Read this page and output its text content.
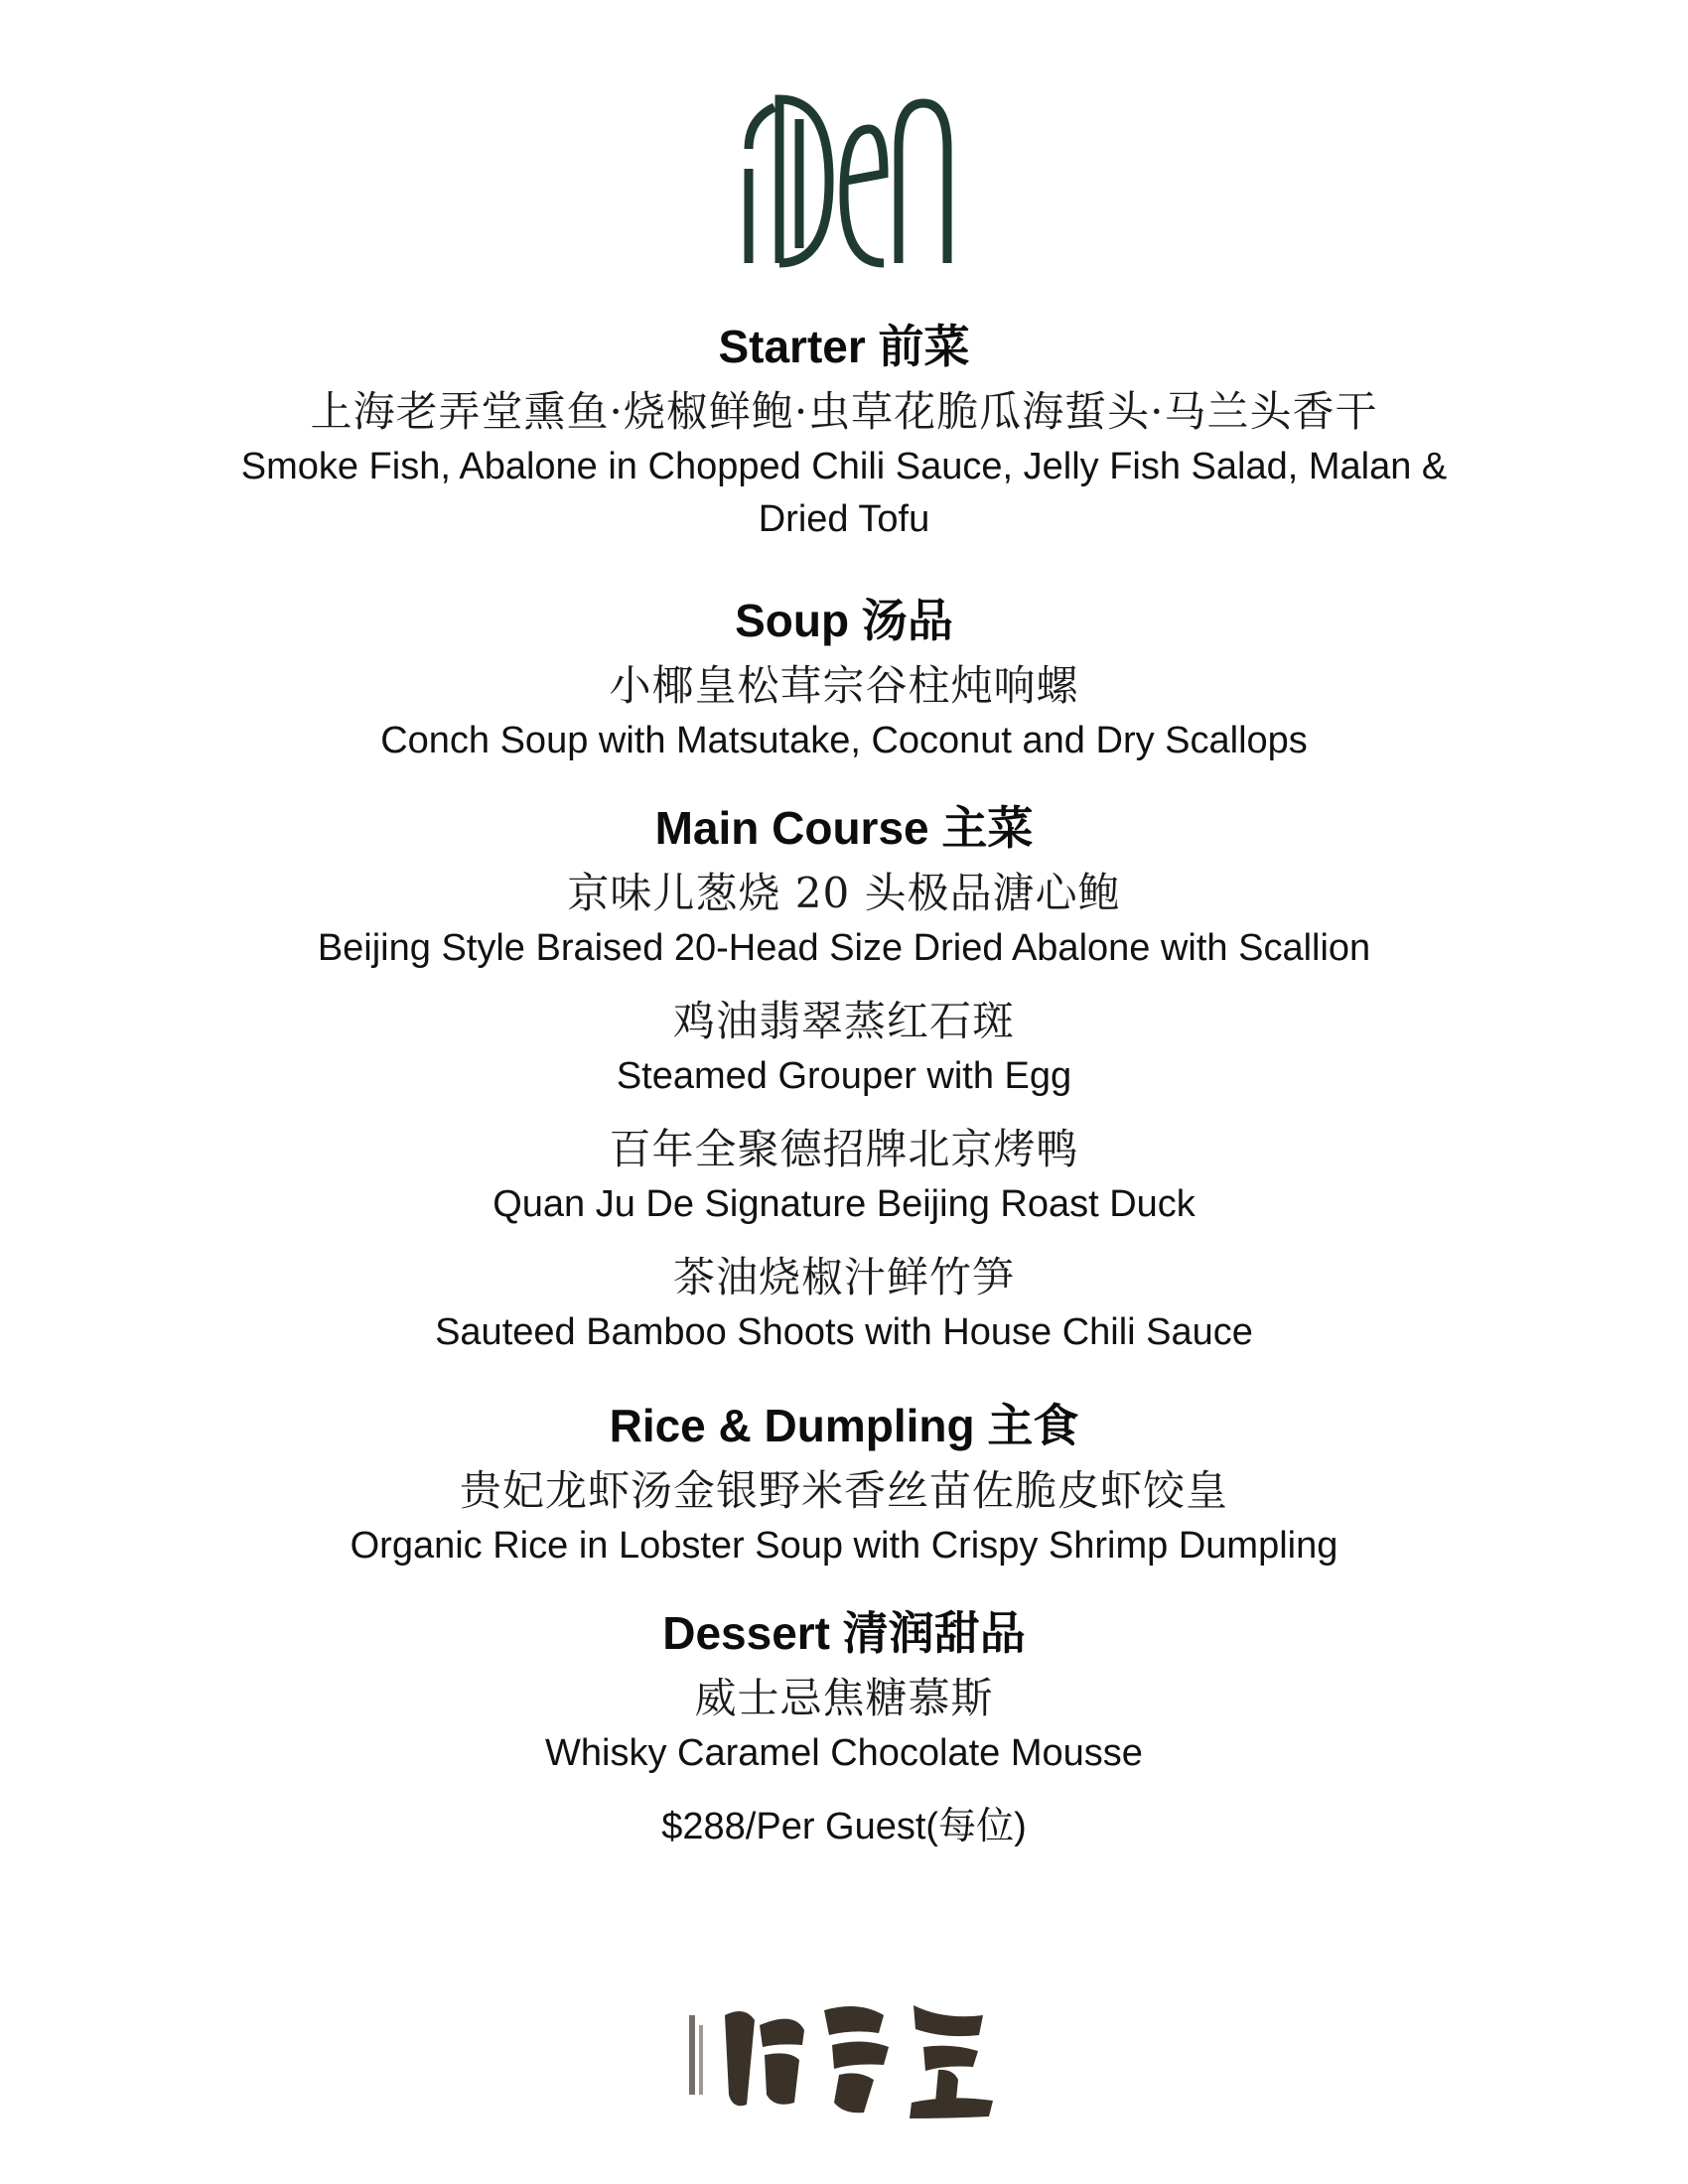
Starter 前菜
上海老弄堂熏鱼·烧椒鲜鲍·虫草花脆瓜海蜇头·马兰头香干
Smoke Fish, Abalone in Chopped Chili Sauce, Jelly Fish Salad, Malan & Dried Tofu
Soup 汤品
小椰皇松茸宗谷柱炖响螺
Conch Soup with Matsutake, Coconut and Dry Scallops
Main Course 主菜
京味儿葱烧 20 头极品溏心鲍
Beijing Style Braised 20-Head Size Dried Abalone with Scallion
鸡油翡翠蒸红石斑
Steamed Grouper with Egg
百年全聚德招牌北京烤鸭
Quan Ju De Signature Beijing Roast Duck
茶油烧椒汁鲜竹笋
Sauteed Bamboo Shoots with House Chili Sauce
Rice & Dumpling 主食
贵妃龙虾汤金银野米香丝苗佐脆皮虾饺皇
Organic Rice in Lobster Soup with Crispy Shrimp Dumpling
Dessert 清润甜品
威士忌焦糖慕斯
Whisky Caramel Chocolate Mousse
$288/Per Guest(每位)
